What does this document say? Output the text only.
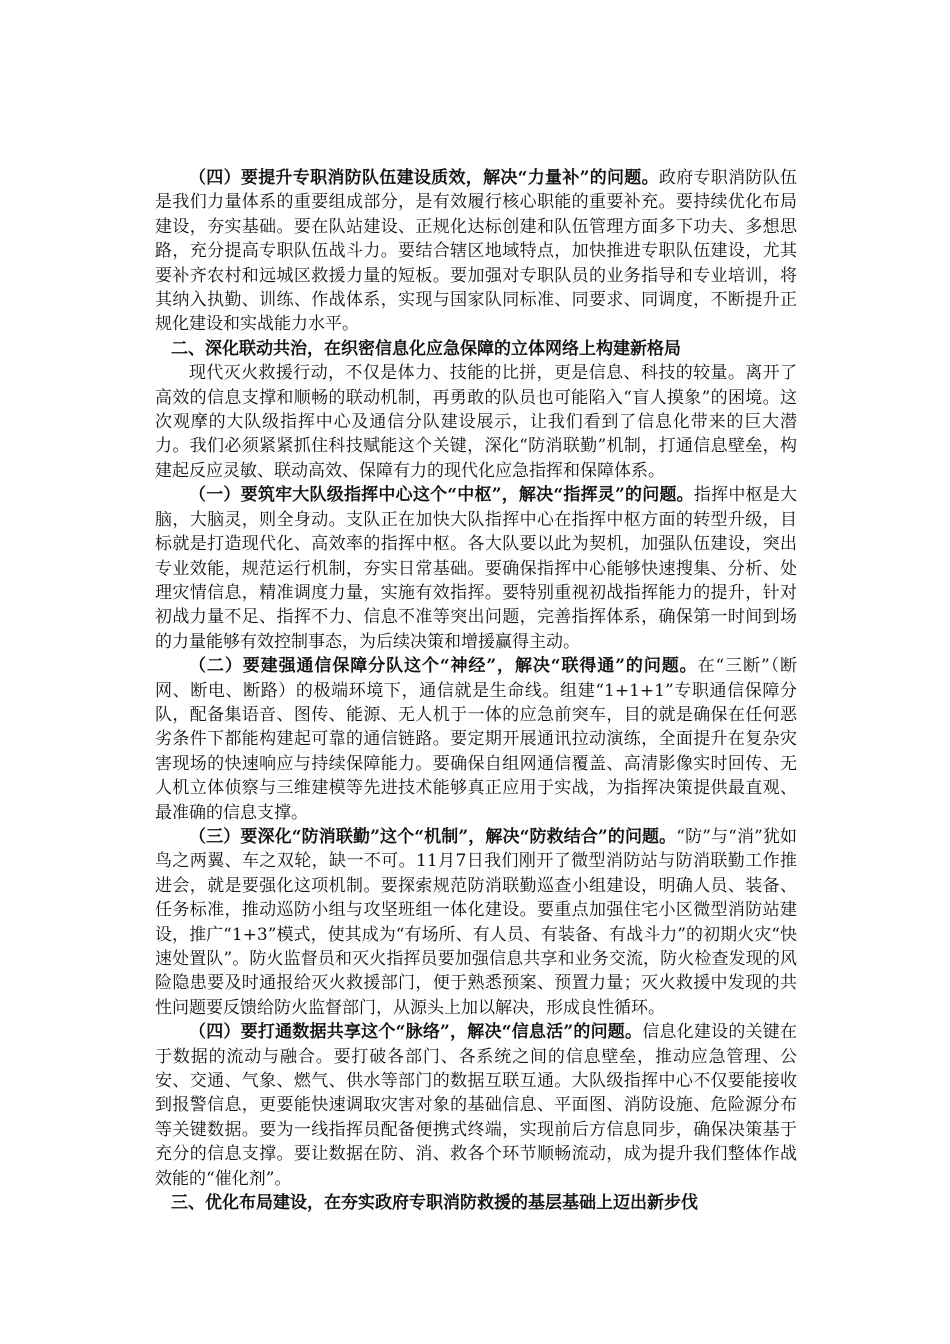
（四）要提升专职消防队伍建设质效，解决“力量补”的问题。政府专职消防队伍是我们力量体系的重要组成部分，是有效履行核心职能的重要补充。要持续优化布局建设，夯实基础。要在队站建设、正规化达标创建和队伍管理方面多下功夫、多想思路，充分提高专职队伍战斗力。要结合辖区地域特点，加快推进专职队伍建设，尤其要补齐农村和远城区救援力量的短板。要加强对专职队员的业务指导和专业培训，将其纳入执勤、训练、作战体系，实现与国家队同标准、同要求、同调度，不断提升正规化建设和实战能力水平。

二、深化联动共治，在织密信息化应急保障的立体网络上构建新格局

现代灭火救援行动，不仅是体力、技能的比拼，更是信息、科技的较量。离开了高效的信息支撑和顺畅的联动机制，再勇敢的队员也可能陷入“盲人摸象”的困境。这次观摩的大队级指挥中心及通信分队建设展示，让我们看到了信息化带来的巨大潜力。我们必须紧紧抓住科技赋能这个关键，深化“防消联勤”机制，打通信息壁垒，构建起反应灵敏、联动高效、保障有力的现代化应急指挥和保障体系。

（一）要筑牢大队级指挥中心这个“中枢”，解决“指挥灵”的问题。指挥中枢是大脑，大脑灵，则全身动。支队正在加快大队指挥中心在指挥中枢方面的转型升级，目标就是打造现代化、高效率的指挥中枢。各大队要以此为契机，加强队伍建设，突出专业效能，规范运行机制，夯实日常基础。要确保指挥中心能够快速搜集、分析、处理灾情信息，精准调度力量，实施有效指挥。要特别重视初战指挥能力的提升，针对初战力量不足、指挥不力、信息不准等突出问题，完善指挥体系，确保第一时间到场的力量能够有效控制事态，为后续决策和增援赢得主动。

（二）要建强通信保障分队这个“神经”，解决“联得通”的问题。在“三断”（断网、断电、断路）的极端环境下，通信就是生命线。组建“1+1+1”专职通信保障分队，配备集语音、图传、能源、无人机于一体的应急前突车，目的就是确保在任何恶劣条件下都能构建起可靠的通信链路。要定期开展通讯拉动演练，全面提升在复杂灾害现场的快速响应与持续保障能力。要确保自组网通信覆盖、高清影像实时回传、无人机立体侦察与三维建模等先进技术能够真正应用于实战，为指挥决策提供最直观、最准确的信息支撑。

（三）要深化“防消联勤”这个“机制”，解决“防救结合”的问题。“防”与“消”犹如鸟之两翼、车之双轮，缺一不可。11月7日我们刚开了微型消防站与防消联勤工作推进会，就是要强化这项机制。要探索规范防消联勤巡查小组建设，明确人员、装备、任务标准，推动巡防小组与攻坚班组一体化建设。要重点加强住宅小区微型消防站建设，推广“1+3”模式，使其成为“有场所、有人员、有装备、有战斗力”的初期火灾“快速处置队”。防火监督员和灭火指挥员要加强信息共享和业务交流，防火检查发现的风险隐患要及时通报给灭火救援部门，便于熟悉预案、预置力量；灭火救援中发现的共性问题要反馈给防火监督部门，从源头上加以解决，形成良性循环。

（四）要打通数据共享这个“脉络”，解决“信息活”的问题。信息化建设的关键在于数据的流动与融合。要打破各部门、各系统之间的信息壁垒，推动应急管理、公安、交通、气象、燃气、供水等部门的数据互联互通。大队级指挥中心不仅要能接收到报警信息，更要能快速调取灾害对象的基础信息、平面图、消防设施、危险源分布等关键数据。要为一线指挥员配备便携式终端，实现前后方信息同步，确保决策基于充分的信息支撑。要让数据在防、消、救各个环节顺畅流动，成为提升我们整体作战效能的“催化剂”。

三、优化布局建设，在夯实政府专职消防救援的基层基础上迈出新步伐
